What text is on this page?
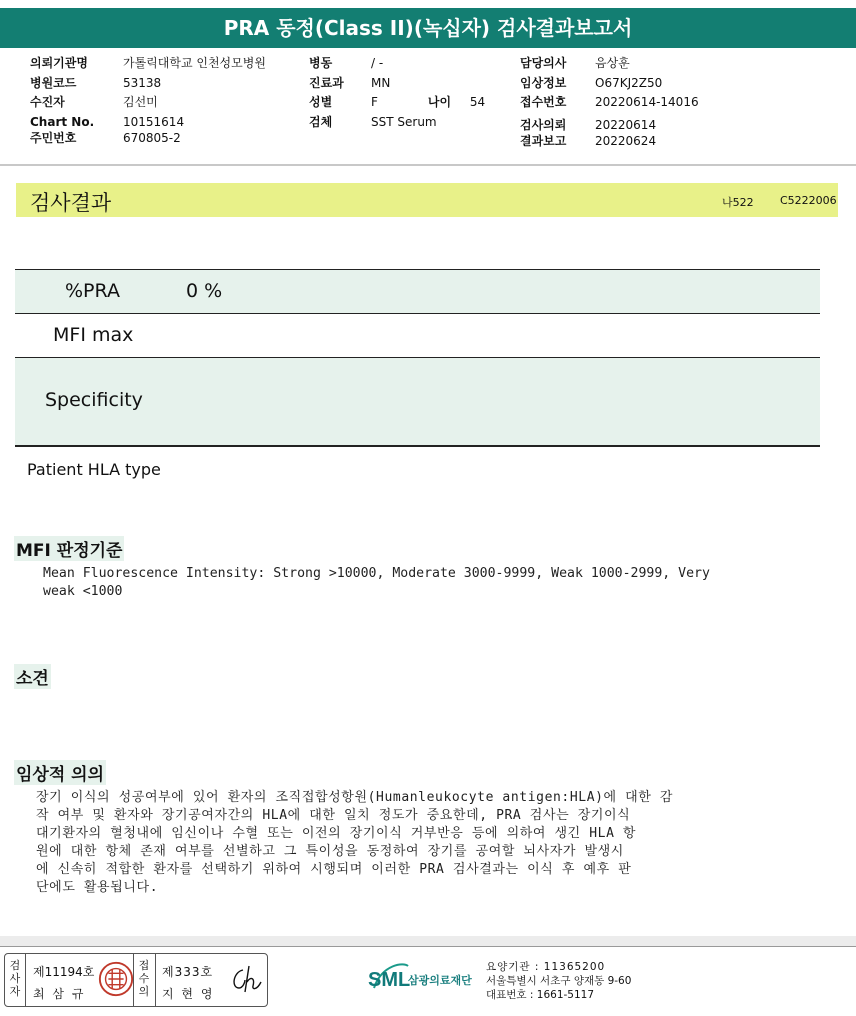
PRA 동정(Class II)(녹십자) 검사결과보고서
의뢰기관명	가톨릭대학교 인천성모병원
병원코드	53138
수진자	김선미
Chart No. 10151614
주민번호	670805-2
병동	/ -
진료과 MN
성별	F	나이 54
검체	SST Serum
담당의사 음상훈
임상정보 O67KJ2Z50
접수번호 20220614-14016
검사의뢰 20220614
결과보고 20220624
검사결과	나522 C5222006
%PRA	0 %
MFI max
Specificity
Patient HLA type
MFI 판정기준
Mean Fluorescence Intensity: Strong >10000, Moderate 3000-9999, Weak 1000-2999, Very
weak <1000
소견
임상적 의의
장기 이식의 성공여부에 있어 환자의 조직접합성항원(Humanleukocyte antigen:HLA)에 대한 감
작 여부 및 환자와 장기공여자간의 HLA에 대한 일치 정도가 중요한데, PRA 검사는 장기이식
대기환자의 혈청내에 임신이나 수혈 또는 이전의 장기이식 거부반응 등에 의하여 생긴 HLA 항
원에 대한 항체 존재 여부를 선별하고 그 특이성을 동정하여 장기를 공여할 뇌사자가 발생시
에 신속히 적합한 환자를 선택하기 위하여 시행되며 이러한 PRA 검사결과는 이식 후 예후 판
단에도 활용됩니다.
검사자
제11194호
최 삼 규
접수의
제333호
지 현 영
SML
삼광의료재단
요양기관 : 11365200
서울특별시 서초구 양재동 9-60
대표번호 : 1661-5117
